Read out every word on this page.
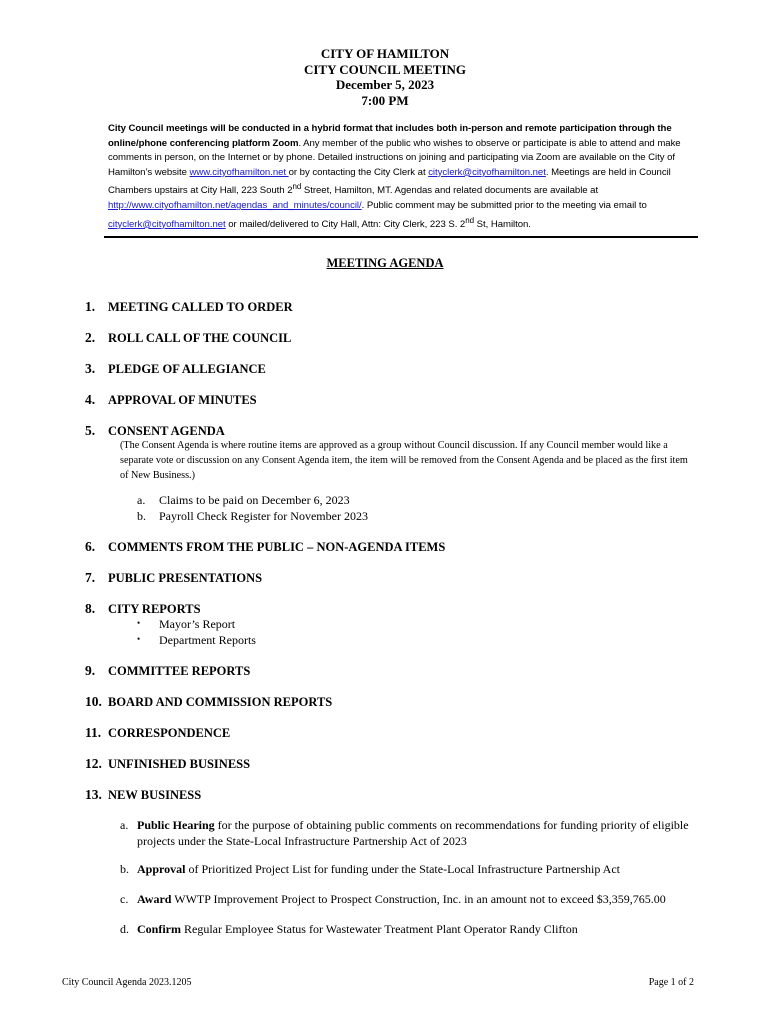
CITY OF HAMILTON
CITY COUNCIL MEETING
December 5, 2023
7:00 PM
City Council meetings will be conducted in a hybrid format that includes both in-person and remote participation through the online/phone conferencing platform Zoom. Any member of the public who wishes to observe or participate is able to attend and make comments in person, on the Internet or by phone. Detailed instructions on joining and participating via Zoom are available on the City of Hamilton’s website www.cityofhamilton.net or by contacting the City Clerk at cityclerk@cityofhamilton.net. Meetings are held in Council Chambers upstairs at City Hall, 223 South 2nd Street, Hamilton, MT. Agendas and related documents are available at http://www.cityofhamilton.net/agendas_and_minutes/council/. Public comment may be submitted prior to the meeting via email to cityclerk@cityofhamilton.net or mailed/delivered to City Hall, Attn: City Clerk, 223 S. 2nd St, Hamilton.
MEETING AGENDA
1. MEETING CALLED TO ORDER
2. ROLL CALL OF THE COUNCIL
3. PLEDGE OF ALLEGIANCE
4. APPROVAL OF MINUTES
5. CONSENT AGENDA
(The Consent Agenda is where routine items are approved as a group without Council discussion. If any Council member would like a separate vote or discussion on any Consent Agenda item, the item will be removed from the Consent Agenda and be placed as the first item of New Business.)
a. Claims to be paid on December 6, 2023
b. Payroll Check Register for November 2023
6. COMMENTS FROM THE PUBLIC – NON-AGENDA ITEMS
7. PUBLIC PRESENTATIONS
8. CITY REPORTS
• Mayor’s Report
• Department Reports
9. COMMITTEE REPORTS
10. BOARD AND COMMISSION REPORTS
11. CORRESPONDENCE
12. UNFINISHED BUSINESS
13. NEW BUSINESS
a. Public Hearing for the purpose of obtaining public comments on recommendations for funding priority of eligible projects under the State-Local Infrastructure Partnership Act of 2023
b. Approval of Prioritized Project List for funding under the State-Local Infrastructure Partnership Act
c. Award WWTP Improvement Project to Prospect Construction, Inc. in an amount not to exceed $3,359,765.00
d. Confirm Regular Employee Status for Wastewater Treatment Plant Operator Randy Clifton
City Council Agenda 2023.1205	Page 1 of 2
